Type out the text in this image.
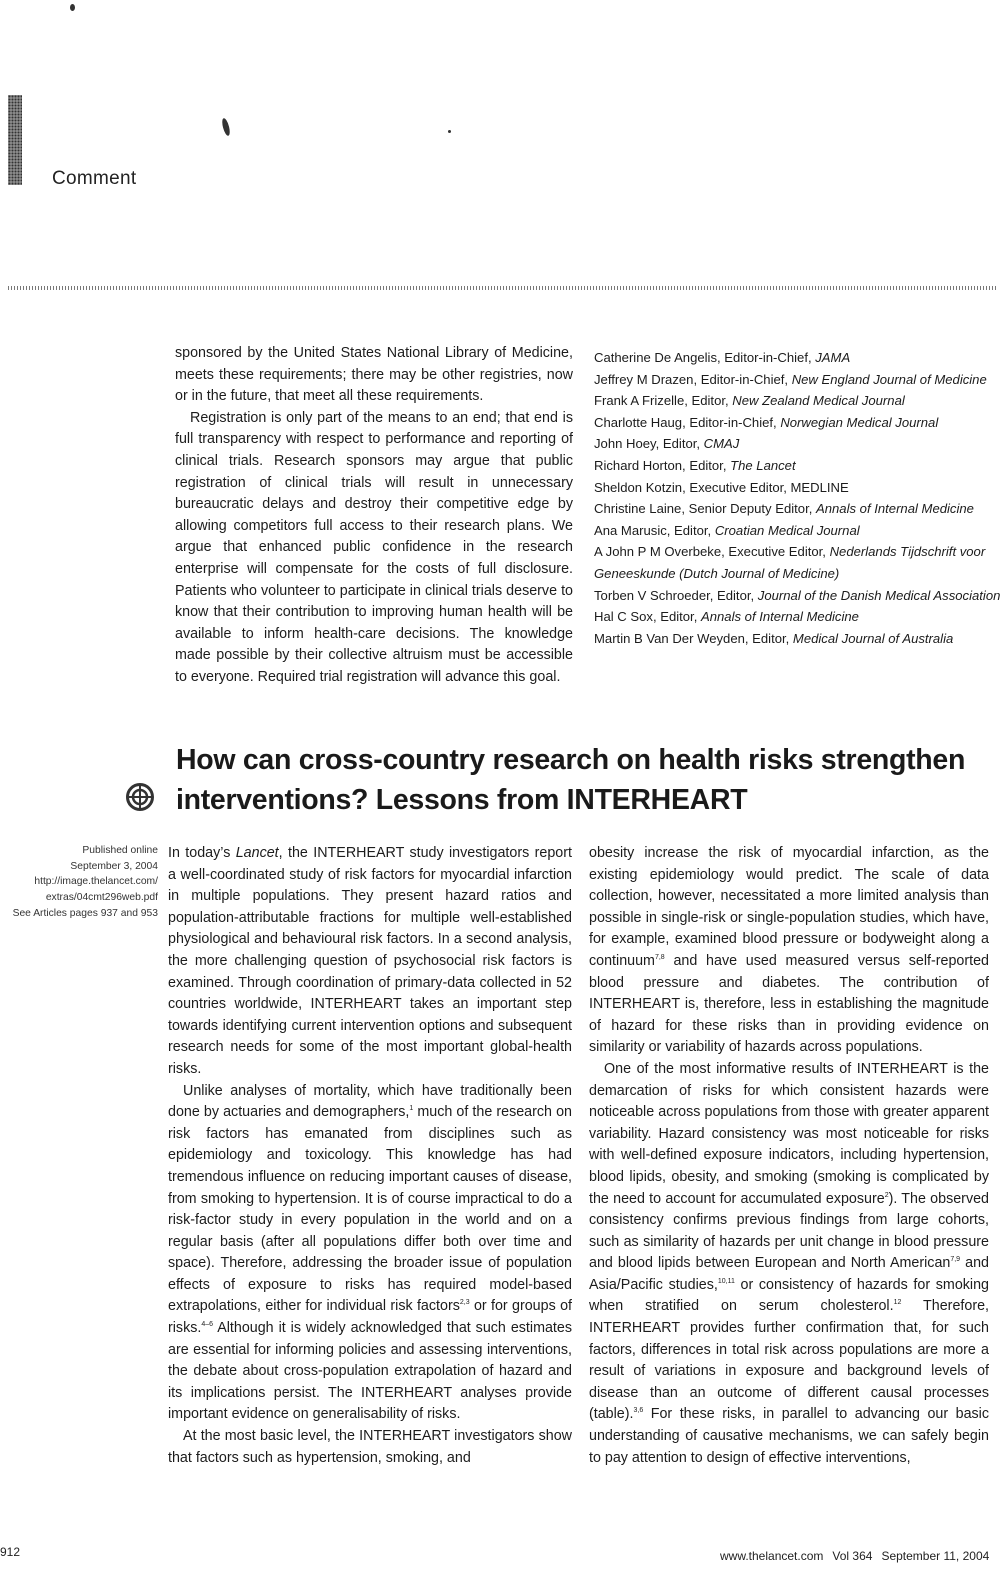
Comment

sponsored by the United States National Library of Medicine, meets these requirements; there may be other registries, now or in the future, that meet all these requirements.

Registration is only part of the means to an end; that end is full transparency with respect to performance and reporting of clinical trials. Research sponsors may argue that public registration of clinical trials will result in unnecessary bureaucratic delays and destroy their competitive edge by allowing competitors full access to their research plans. We argue that enhanced public confidence in the research enterprise will compensate for the costs of full disclosure. Patients who volunteer to participate in clinical trials deserve to know that their contribution to improving human health will be available to inform health-care decisions. The knowledge made possible by their collective altruism must be accessible to everyone. Required trial registration will advance this goal.

Catherine De Angelis, Editor-in-Chief, JAMA
Jeffrey M Drazen, Editor-in-Chief, New England Journal of Medicine
Frank A Frizelle, Editor, New Zealand Medical Journal
Charlotte Haug, Editor-in-Chief, Norwegian Medical Journal
John Hoey, Editor, CMAJ
Richard Horton, Editor, The Lancet
Sheldon Kotzin, Executive Editor, MEDLINE
Christine Laine, Senior Deputy Editor, Annals of Internal Medicine
Ana Marusic, Editor, Croatian Medical Journal
A John P M Overbeke, Executive Editor, Nederlands Tijdschrift voor
Geneeskunde (Dutch Journal of Medicine)
Torben V Schroeder, Editor, Journal of the Danish Medical Association
Hal C Sox, Editor, Annals of Internal Medicine
Martin B Van Der Weyden, Editor, Medical Journal of Australia
How can cross-country research on health risks strengthen
interventions? Lessons from INTERHEART
Published online
September 3, 2004
http://image.thelancet.com/
extras/04cmt296web.pdf
See Articles pages 937 and 953

In today’s Lancet, the INTERHEART study investigators report a well-coordinated study of risk factors for myocardial infarction in multiple populations. They present hazard ratios and population-attributable fractions for multiple well-established physiological and behavioural risk factors. In a second analysis, the more challenging question of psychosocial risk factors is examined. Through coordination of primary-data collected in 52 countries worldwide, INTERHEART takes an important step towards identifying current intervention options and subsequent research needs for some of the most important global-health risks.

Unlike analyses of mortality, which have traditionally been done by actuaries and demographers,$^1$ much of the research on risk factors has emanated from disciplines such as epidemiology and toxicology. This knowledge has had tremendous influence on reducing important causes of disease, from smoking to hypertension. It is of course impractical to do a risk-factor study in every population in the world and on a regular basis (after all populations differ both over time and space). Therefore, addressing the broader issue of population effects of exposure to risks has required model-based extrapolations, either for individual risk factors$^{2,3}$ or for groups of risks.$^{4-6}$ Although it is widely acknowledged that such estimates are essential for informing policies and assessing interventions, the debate about cross-population extrapolation of hazard and its implications persist. The INTERHEART analyses provide important evidence on generalisability of risks.

At the most basic level, the INTERHEART investigators show that factors such as hypertension, smoking, and

obesity increase the risk of myocardial infarction, as the existing epidemiology would predict. The scale of data collection, however, necessitated a more limited analysis than possible in single-risk or single-population studies, which have, for example, examined blood pressure or bodyweight along a continuum$^{7,8}$ and have used measured versus self-reported blood pressure and diabetes. The contribution of INTERHEART is, therefore, less in establishing the magnitude of hazard for these risks than in providing evidence on similarity or variability of hazards across populations.

One of the most informative results of INTERHEART is the demarcation of risks for which consistent hazards were noticeable across populations from those with greater apparent variability. Hazard consistency was most noticeable for risks with well-defined exposure indicators, including hypertension, blood lipids, obesity, and smoking (smoking is complicated by the need to account for accumulated exposure$^2$). The observed consistency confirms previous findings from large cohorts, such as similarity of hazards per unit change in blood pressure and blood lipids between European and North American$^{7,9}$ and Asia/Pacific studies,$^{10,11}$ or consistency of hazards for smoking when stratified on serum cholesterol.$^{12}$ Therefore, INTERHEART provides further confirmation that, for such factors, differences in total risk across populations are more a result of variations in exposure and background levels of disease than an outcome of different causal processes (table).$^{3,6}$ For these risks, in parallel to advancing our basic understanding of causative mechanisms, we can safely begin to pay attention to design of effective interventions,

912	www.thelancet.com Vol 364 September 11, 2004
